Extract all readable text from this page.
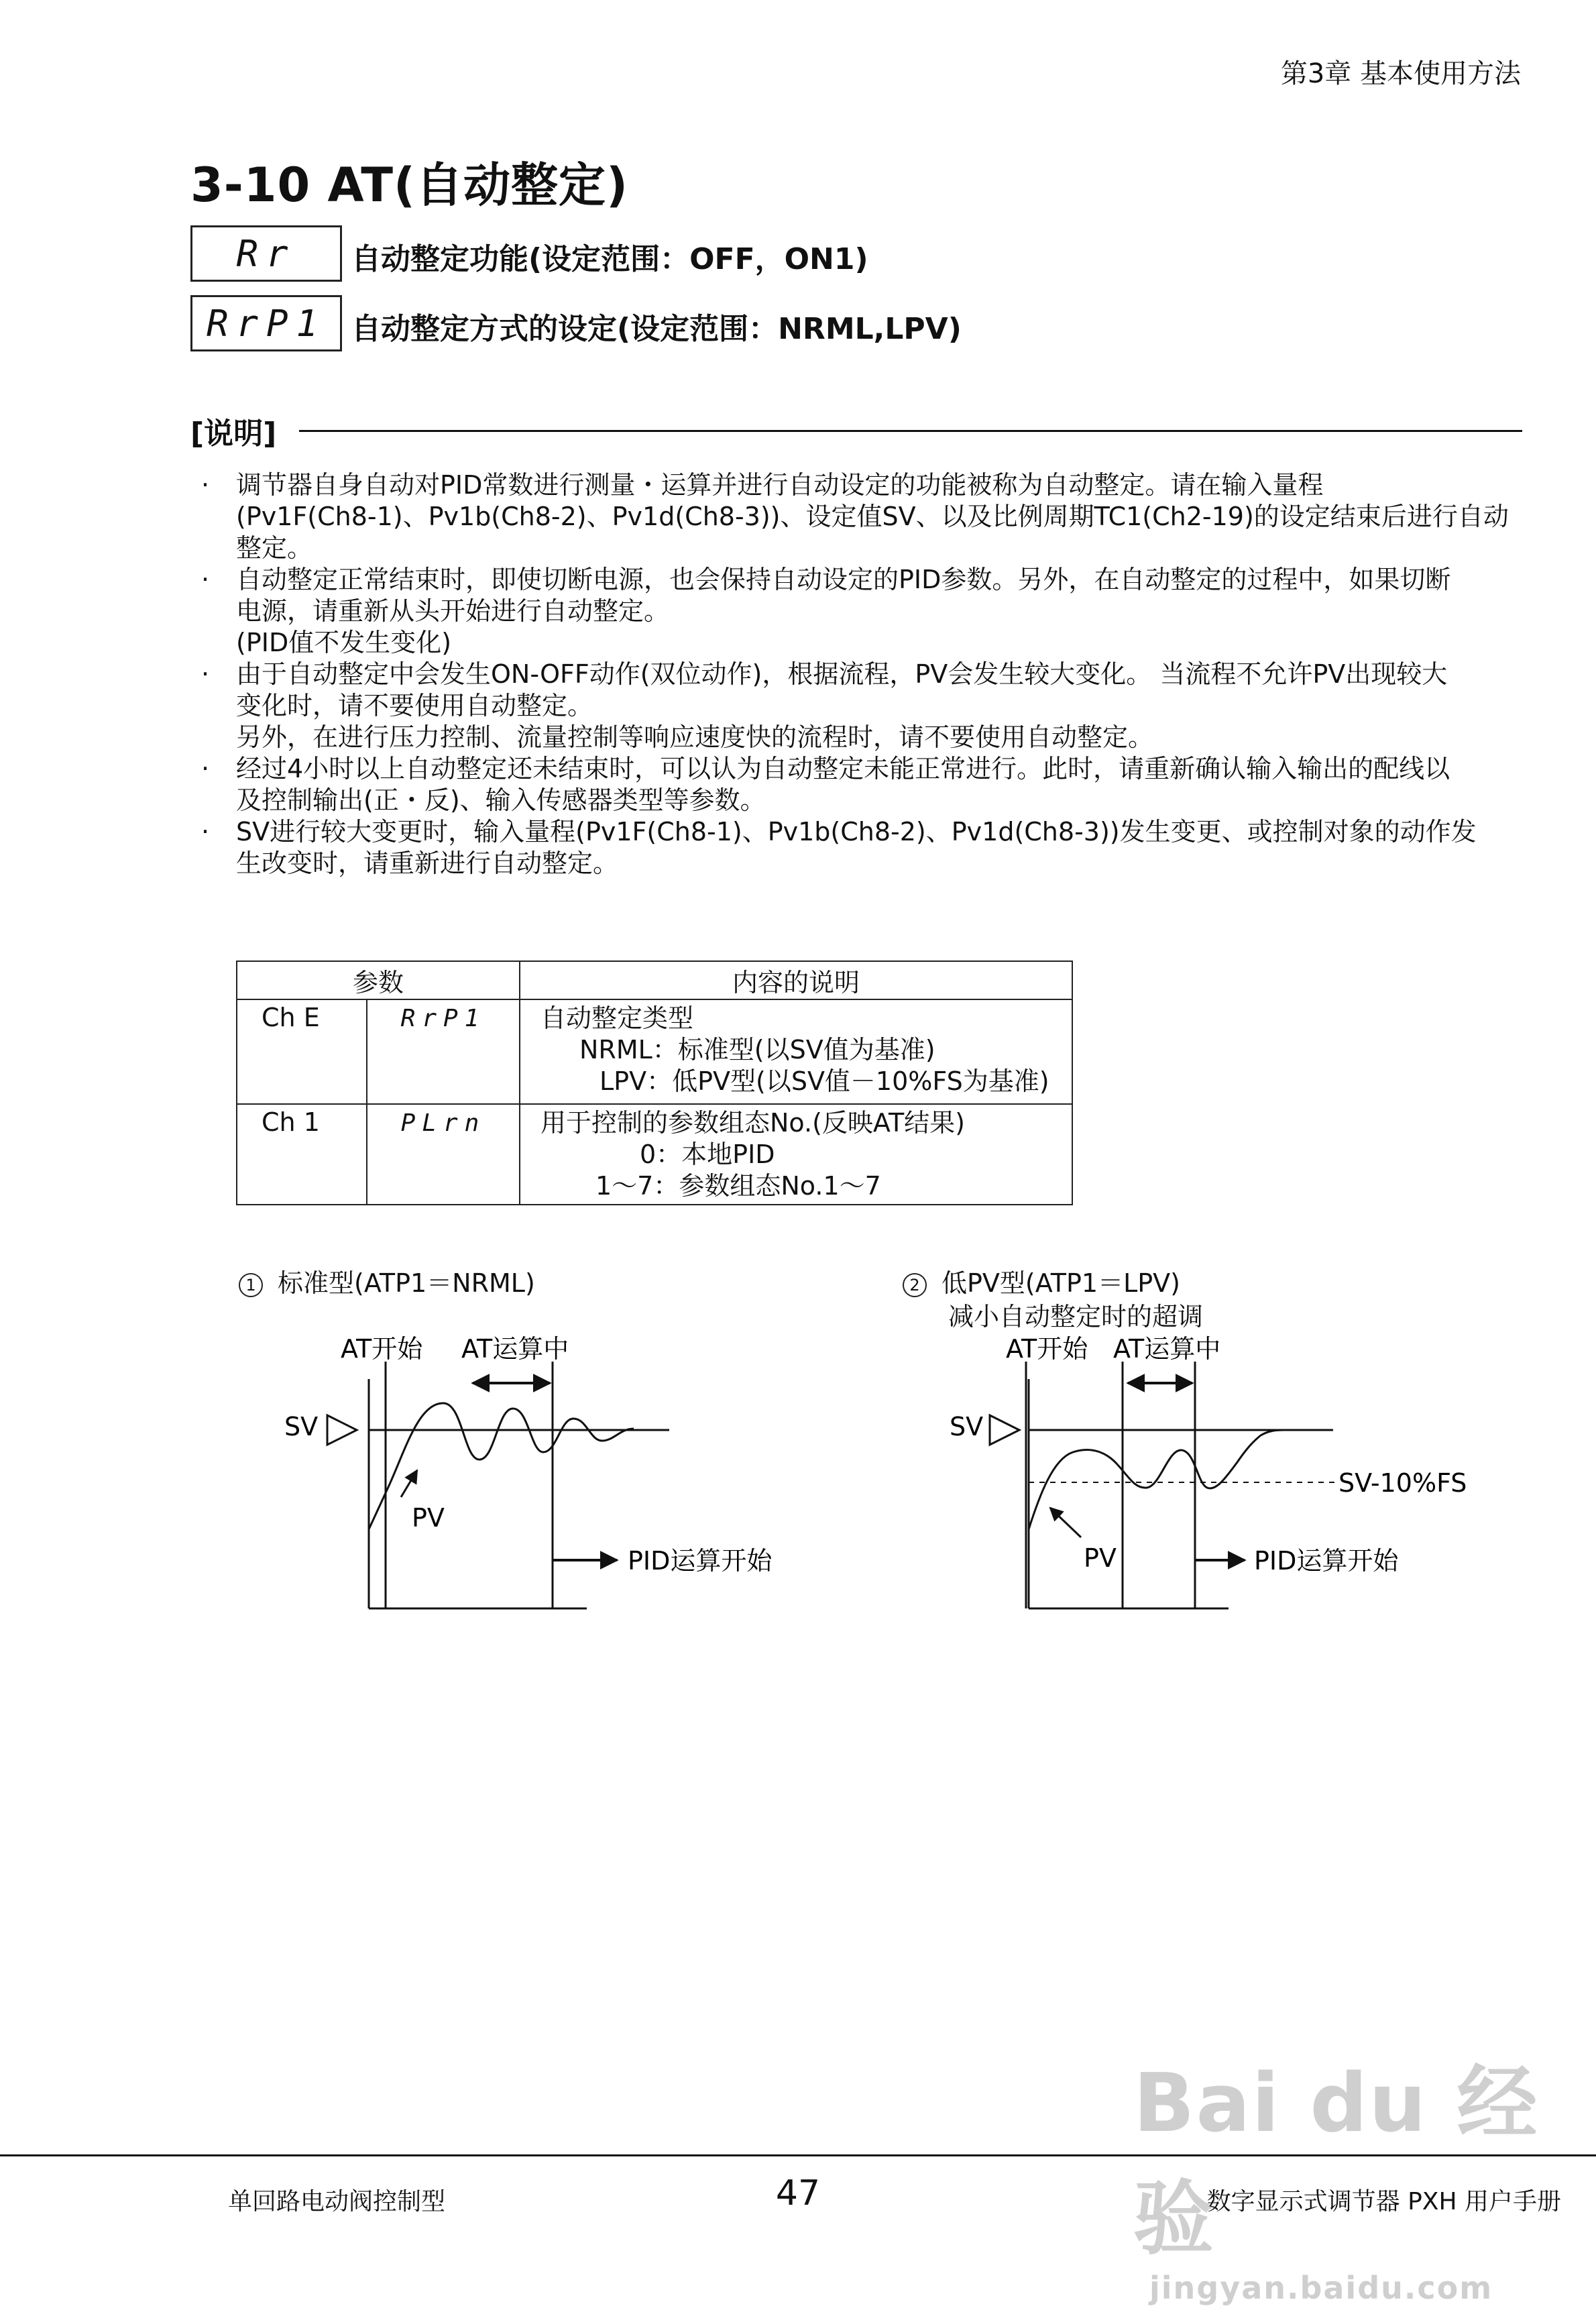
第3章 基本使用方法
3-10 AT(自动整定)
Rr 自动整定功能(设定范围：OFF，ON1)
RrP1 自动整定方式的设定(设定范围：NRML,LPV)
[说明]
· 调节器自身自动对PID常数进行测量・运算并进行自动设定的功能被称为自动整定。请在输入量程
(Pv1F(Ch8-1)、Pv1b(Ch8-2)、Pv1d(Ch8-3))、设定值SV、以及比例周期TC1(Ch2-19)的设定结束后进行自动
整定。
· 自动整定正常结束时，即使切断电源，也会保持自动设定的PID参数。另外，在自动整定的过程中，如果切断
电源，请重新从头开始进行自动整定。
(PID值不发生变化)
· 由于自动整定中会发生ON-OFF动作(双位动作)，根据流程，PV会发生较大变化。 当流程不允许PV出现较大
变化时，请不要使用自动整定。
另外，在进行压力控制、流量控制等响应速度快的流程时，请不要使用自动整定。
· 经过4小时以上自动整定还未结束时，可以认为自动整定未能正常进行。此时，请重新确认输入输出的配线以
及控制输出(正・反)、输入传感器类型等参数。
· SV进行较大变更时，输入量程(Pv1F(Ch8-1)、Pv1b(Ch8-2)、Pv1d(Ch8-3))发生变更、或控制对象的动作发
生改变时，请重新进行自动整定。
参数		内容的说明
Ch E	RrP1	自动整定类型
NRML：标准型(以SV值为基准)
LPV：低PV型(以SV值－10%FS为基准)

Ch 1	PLrn	用于控制的参数组态No.(反映AT结果)
0：本地PID
1～7：参数组态No.1～7
1 标准型(ATP1＝NRML)	2 低PV型(ATP1＝LPV)
减小自动整定时的超调
AT开始 AT运算中
SV
PV
PID运算开始
AT开始 AT运算中
SV
SV-10%FS
PV	PID运算开始
Bai du 经验
jingyan.baidu.com
单回路电动阀控制型	47	数字显示式调节器 PXH 用户手册
